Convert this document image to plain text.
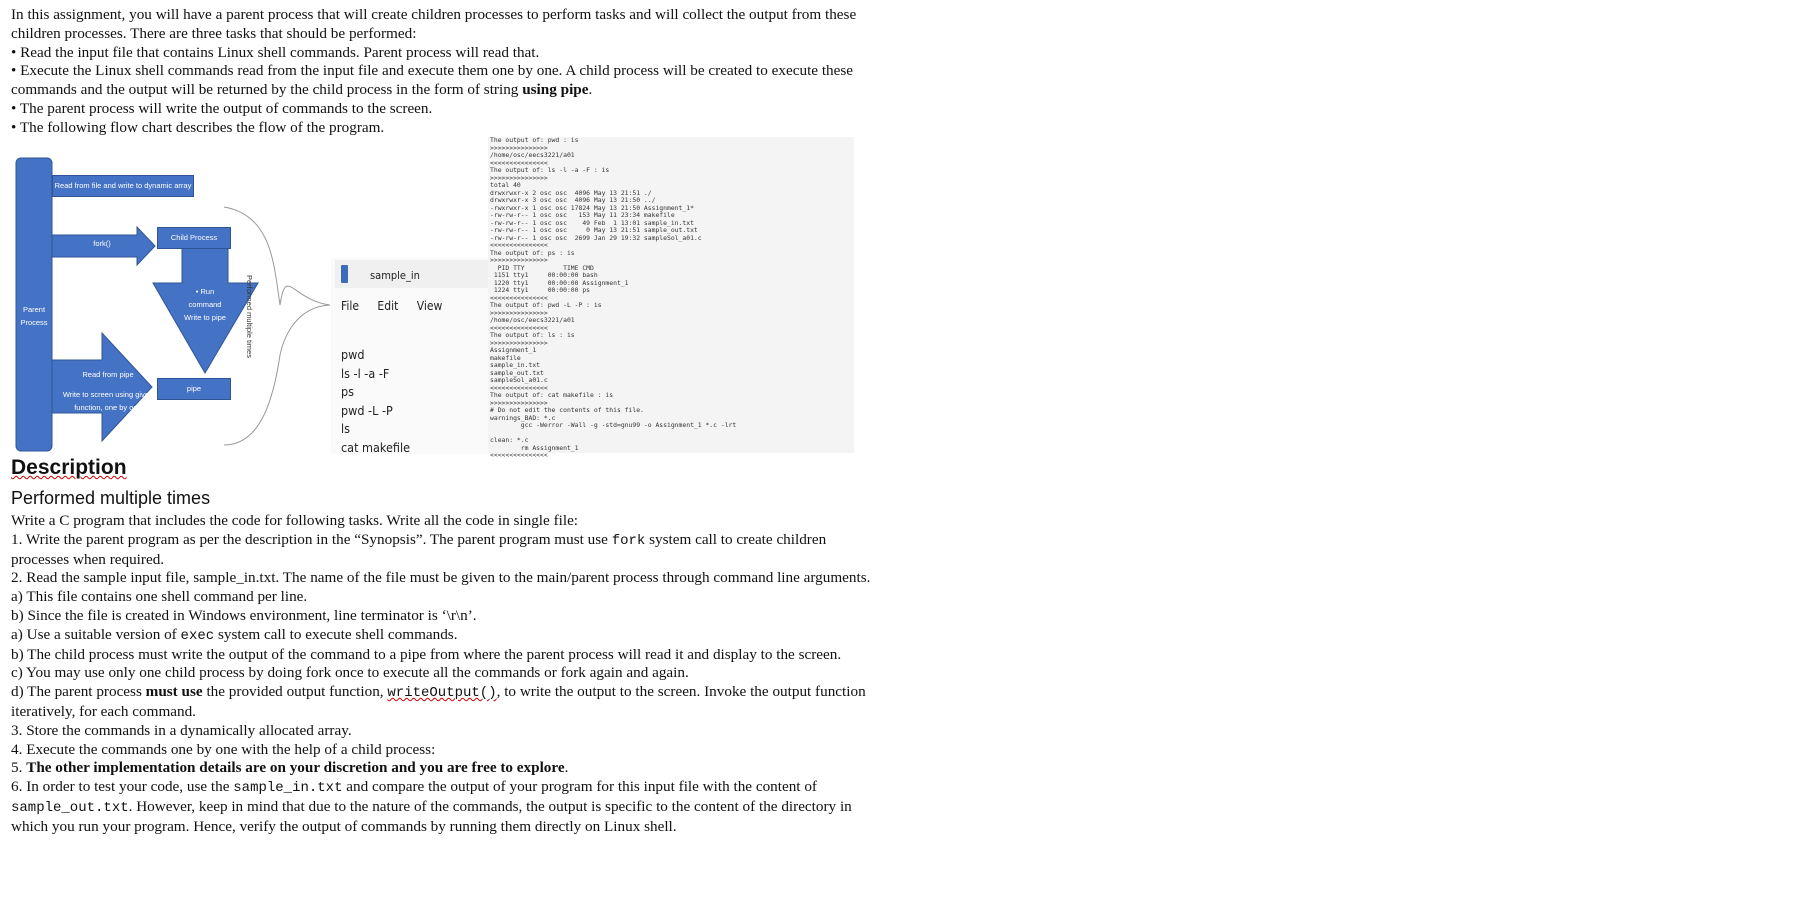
In this assignment, you will have a parent process that will create children processes to perform tasks and will collect the output from these children processes. There are three tasks that should be performed:

• Read the input file that contains Linux shell commands. Parent process will read that.

• Execute the Linux shell commands read from the input file and execute them one by one. A child process will be created to execute these commands and the output will be returned by the child process in the form of string using pipe.

• The parent process will write the output of commands to the screen.

• The following flow chart describes the flow of the program.

Read from file and write to dynamic array
fork()
Child Process
• Run
command
Write to pipe
Parent
Process
Read from pipe
Write to screen using given
function, one by one
pipe
Performed multiple times	sample_in
File Edit View
pwd
ls -l -a -F
ps
pwd -L -P
ls
cat makefile
The output of: pwd : is
>>>>>>>>>>>>>>>
/home/osc/eecs3221/a01
<<<<<<<<<<<<<<<
The output of: ls -l -a -F : is
>>>>>>>>>>>>>>>
total 40
drwxrwxr-x 2 osc osc  4096 May 13 21:51 ./
drwxrwxr-x 3 osc osc  4096 May 13 21:50 ../
-rwxrwxr-x 1 osc osc 17824 May 13 21:50 Assignment_1*
-rw-rw-r-- 1 osc osc   153 May 11 23:34 makefile
-rw-rw-r-- 1 osc osc    49 Feb  1 13:01 sample_in.txt
-rw-rw-r-- 1 osc osc     0 May 13 21:51 sample_out.txt
-rw-rw-r-- 1 osc osc  2699 Jan 29 19:32 sampleSol_a01.c
<<<<<<<<<<<<<<<
The output of: ps : is
>>>>>>>>>>>>>>>
PID TTY          TIME CMD
1151 tty1     00:00:00 bash
1220 tty1     00:00:00 Assignment_1
1224 tty1     00:00:00 ps
<<<<<<<<<<<<<<<
The output of: pwd -L -P : is
>>>>>>>>>>>>>>>
/home/osc/eecs3221/a01
<<<<<<<<<<<<<<<
The output of: ls : is
>>>>>>>>>>>>>>>
Assignment_1
makefile
sample_in.txt
sample_out.txt
sampleSol_a01.c
<<<<<<<<<<<<<<<
The output of: cat makefile : is
>>>>>>>>>>>>>>>
# Do not edit the contents of this file.
warnings_BAD: *.c
gcc -Werror -Wall -g -std=gnu99 -o Assignment_1 *.c -lrt

clean: *.c
rm Assignment_1
<<<<<<<<<<<<<<<
Description
Performed multiple times

Write a C program that includes the code for following tasks. Write all the code in single file:

1. Write the parent program as per the description in the “Synopsis”. The parent program must use fork system call to create children processes when required.

2. Read the sample input file, sample_in.txt. The name of the file must be given to the main/parent process through command line arguments.

a) This file contains one shell command per line.

b) Since the file is created in Windows environment, line terminator is ‘\r\n’.

a) Use a suitable version of exec system call to execute shell commands.

b) The child process must write the output of the command to a pipe from where the parent process will read it and display to the screen.

c) You may use only one child process by doing fork once to execute all the commands or fork again and again.

d) The parent process must use the provided output function, writeOutput(), to write the output to the screen. Invoke the output function iteratively, for each command.

3. Store the commands in a dynamically allocated array.

4. Execute the commands one by one with the help of a child process:

5. The other implementation details are on your discretion and you are free to explore.

6. In order to test your code, use the sample_in.txt and compare the output of your program for this input file with the content of sample_out.txt. However, keep in mind that due to the nature of the commands, the output is specific to the content of the directory in which you run your program. Hence, verify the output of commands by running them directly on Linux shell.
